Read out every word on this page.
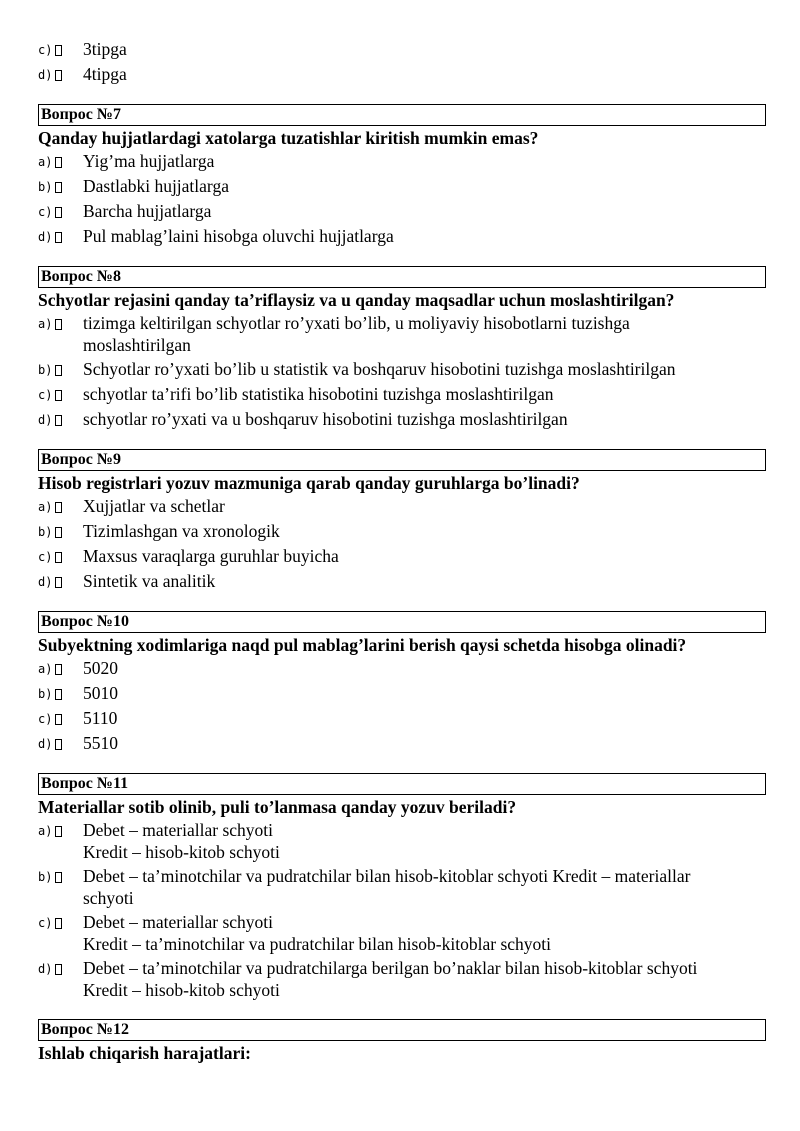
c)	3tipga
d)	4tipga
Вопрос №7
Qanday hujjatlardagi xatolarga tuzatishlar kiritish mumkin emas?
a)	Yig’ma hujjatlarga
b)	Dastlabki hujjatlarga
c)	Barcha hujjatlarga
d)	Pul mablag’laini hisobga oluvchi hujjatlarga
Вопрос №8
Schyotlar rejasini qanday ta’riflaysiz va u qanday maqsadlar uchun moslashtirilgan?
a)	tizimga keltirilgan schyotlar ro’yxati bo’lib, u moliyaviy hisobotlarni tuzishga
moslashtirilgan
b)	Schyotlar ro’yxati bo’lib u statistik va boshqaruv hisobotini tuzishga moslashtirilgan
c)	schyotlar ta’rifi bo’lib statistika hisobotini tuzishga moslashtirilgan
d)	schyotlar ro’yxati va u boshqaruv hisobotini tuzishga moslashtirilgan
Вопрос №9
Hisob registrlari yozuv mazmuniga qarab qanday guruhlarga bo’linadi?
a)	Xujjatlar va schetlar
b)	Tizimlashgan va xronologik
c)	Maxsus varaqlarga guruhlar buyicha
d)	Sintetik va analitik
Вопрос №10
Subyektning xodimlariga naqd pul mablag’larini berish qaysi schetda hisobga olinadi?
a)	5020
b)	5010
c)	5110
d)	5510
Вопрос №11
Materiallar sotib olinib, puli to’lanmasa qanday yozuv beriladi?
a)	Debet – materiallar schyoti
Kredit – hisob-kitob schyoti
b)	Debet – ta’minotchilar va pudratchilar bilan hisob-kitoblar schyoti Kredit – materiallar
schyoti
c)	Debet – materiallar schyoti
Kredit – ta’minotchilar va pudratchilar bilan hisob-kitoblar schyoti
d)	Debet – ta’minotchilar va pudratchilarga berilgan bo’naklar bilan hisob-kitoblar schyoti
Kredit – hisob-kitob schyoti
Вопрос №12
Ishlab chiqarish harajatlari:
